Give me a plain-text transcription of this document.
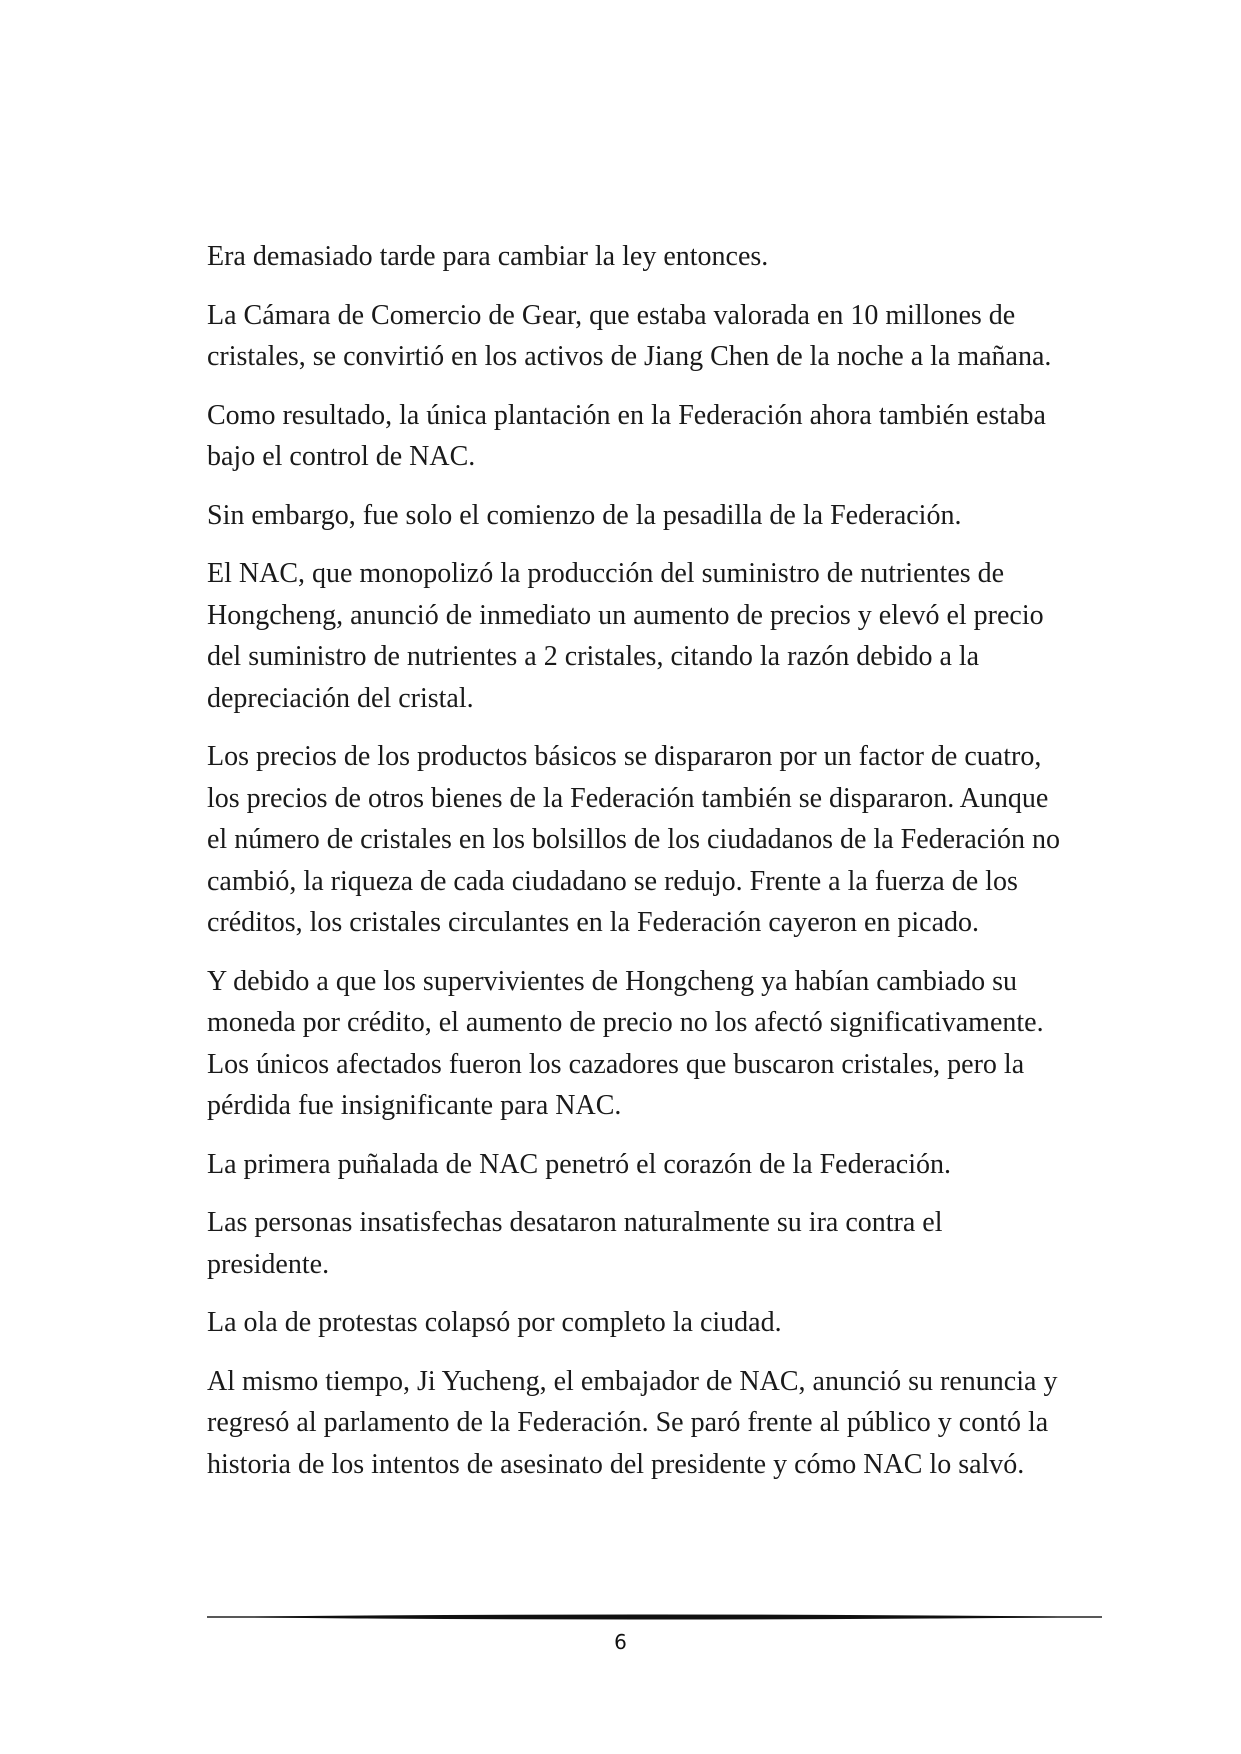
Era demasiado tarde para cambiar la ley entonces.

La Cámara de Comercio de Gear, que estaba valorada en 10 millones de cristales, se convirtió en los activos de Jiang Chen de la noche a la mañana.

Como resultado, la única plantación en la Federación ahora también estaba bajo el control de NAC.

Sin embargo, fue solo el comienzo de la pesadilla de la Federación.

El NAC, que monopolizó la producción del suministro de nutrientes de Hongcheng, anunció de inmediato un aumento de precios y elevó el precio del suministro de nutrientes a 2 cristales, citando la razón debido a la depreciación del cristal.

Los precios de los productos básicos se dispararon por un factor de cuatro, los precios de otros bienes de la Federación también se dispararon. Aunque el número de cristales en los bolsillos de los ciudadanos de la Federación no cambió, la riqueza de cada ciudadano se redujo. Frente a la fuerza de los créditos, los cristales circulantes en la Federación cayeron en picado.

Y debido a que los supervivientes de Hongcheng ya habían cambiado su moneda por crédito, el aumento de precio no los afectó significativamente. Los únicos afectados fueron los cazadores que buscaron cristales, pero la pérdida fue insignificante para NAC.

La primera puñalada de NAC penetró el corazón de la Federación.

Las personas insatisfechas desataron naturalmente su ira contra el presidente.

La ola de protestas colapsó por completo la ciudad.

Al mismo tiempo, Ji Yucheng, el embajador de NAC, anunció su renuncia y regresó al parlamento de la Federación. Se paró frente al público y contó la historia de los intentos de asesinato del presidente y cómo NAC lo salvó.

6
